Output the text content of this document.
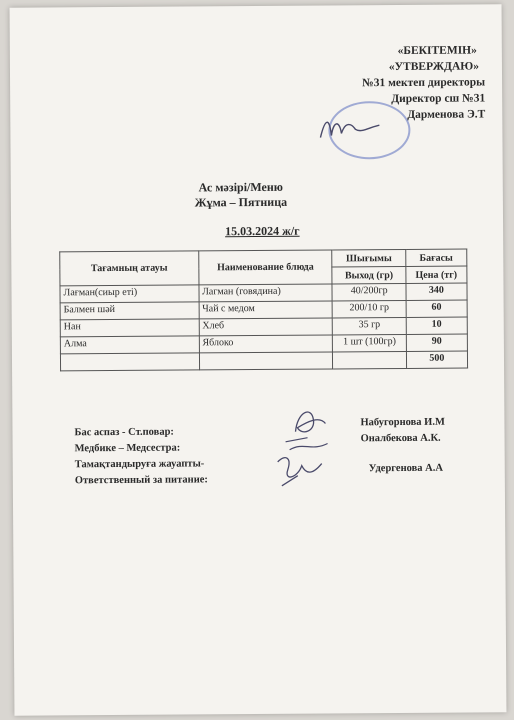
«БЕКІТЕМІН»
«УТВЕРЖДАЮ»
№31 мектеп директоры
Директор сш №31
Дарменова Э.Т
Ас мәзірі/Меню
Жұма – Пятница
15.03.2024 ж/г
Тағамның атауы	Наименование блюда	Шығымы	Бағасы
		Выход (гр)	Цена (тг)
Лағман(сиыр еті)	Лагман (говядина)	40/200гр	340
Балмен шәй	Чай с медом	200/10 гр	60
Нан	Хлеб	35 гр	10
Алма	Яблоко	1 шт (100гр)	90
			500
Бас аспаз - Ст.повар:
Медбике – Медсестра:
Тамақтандыруға жауапты-
Ответственный за питание:
Набугорнова И.М
Оналбекова А.К.
Удергенова А.А
